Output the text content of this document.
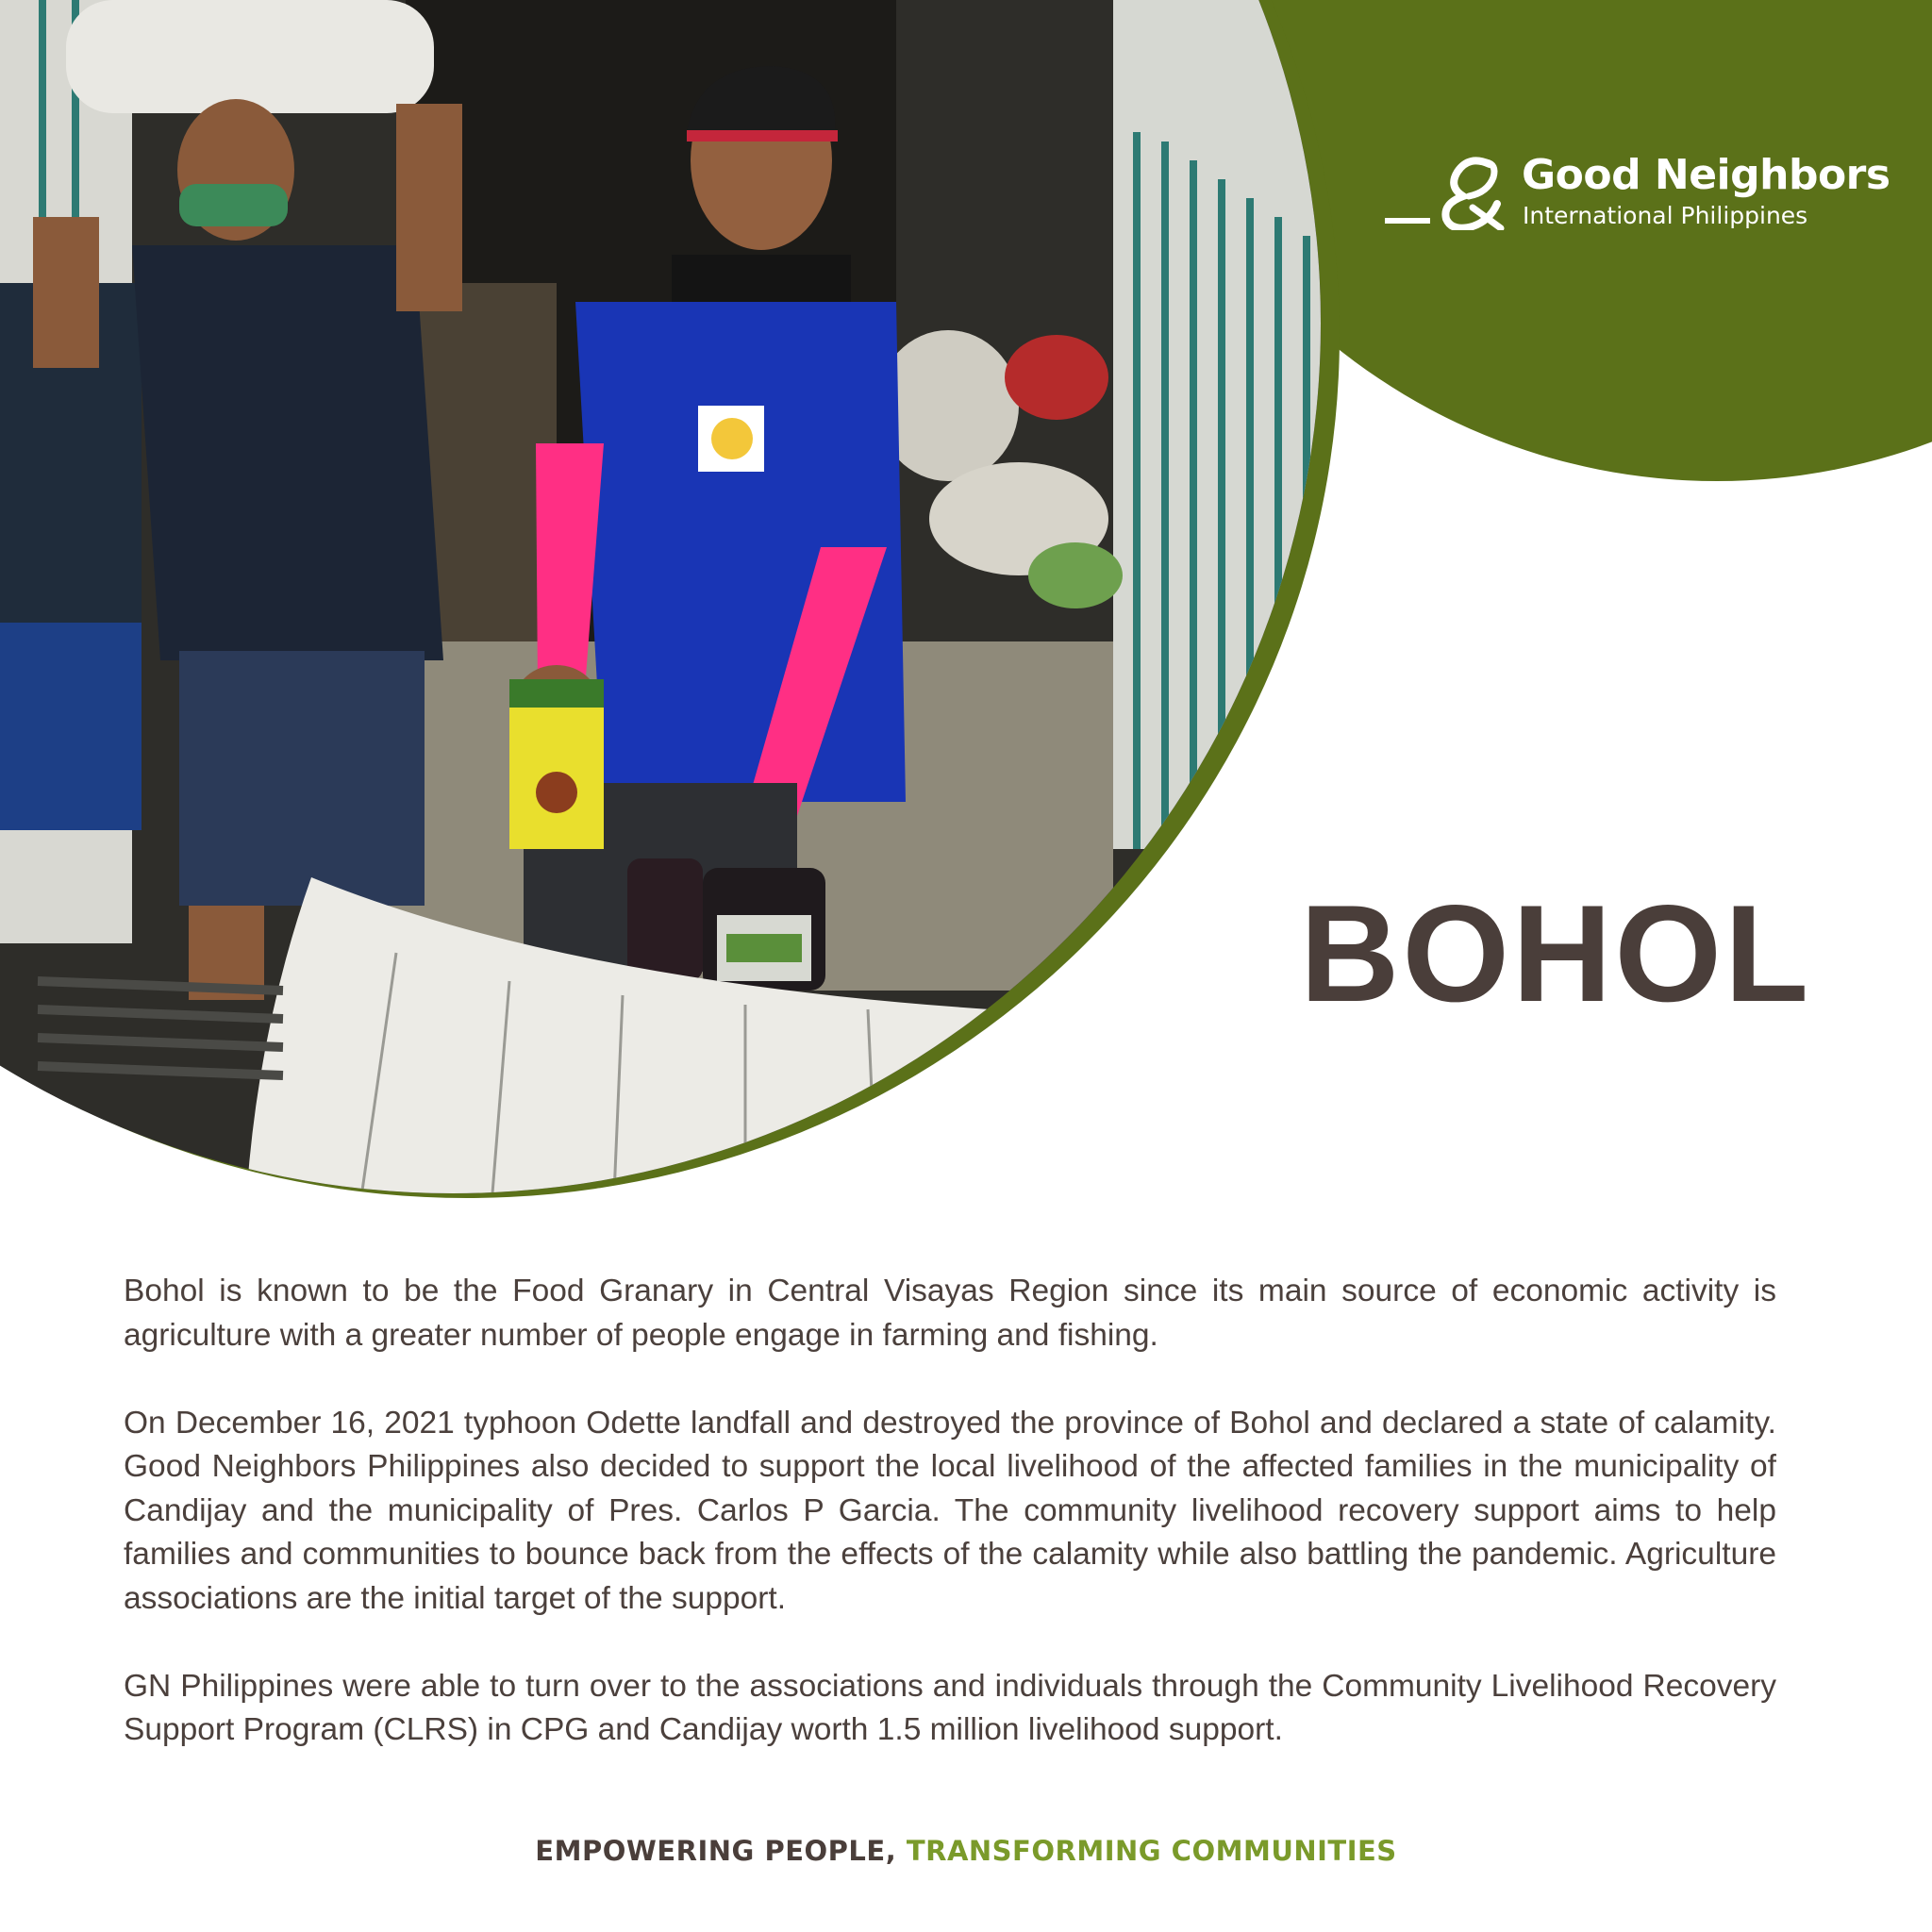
Good Neighbors
International Philippines
BOHOL

Bohol is known to be the Food Granary in Central Visayas Region since its main source of economic activity is agriculture with a greater number of people engage in farming and fishing.

On December 16, 2021 typhoon Odette landfall and destroyed the province of Bohol and declared a state of calamity. Good Neighbors Philippines also decided to support the local livelihood of the affected families in the municipality of Candijay and the municipality of Pres. Carlos P Garcia. The community livelihood recovery support aims to help families and communities to bounce back from the effects of the calamity while also battling the pandemic. Agriculture associations are the initial target of the support.

GN Philippines were able to turn over to the associations and individuals through the Community Livelihood Recovery Support Program (CLRS) in CPG and Candijay worth 1.5 million livelihood support.

EMPOWERING PEOPLE, TRANSFORMING COMMUNITIES
